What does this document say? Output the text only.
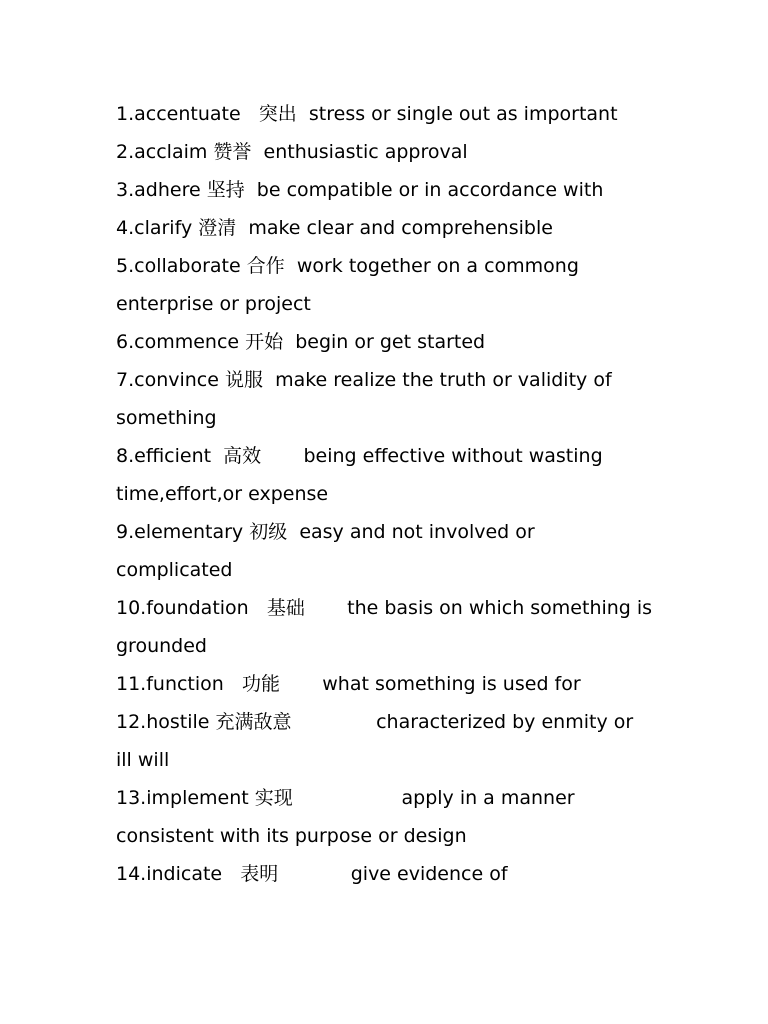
1.accentuate   突出  stress or single out as important
2.acclaim 赞誉  enthusiastic approval
3.adhere 坚持  be compatible or in accordance with
4.clarify 澄清  make clear and comprehensible
5.collaborate 合作  work together on a commong
enterprise or project
6.commence 开始  begin or get started
7.convince 说服  make realize the truth or validity of
something
8.efficient  高效       being effective without wasting
time,effort,or expense
9.elementary 初级  easy and not involved or
complicated
10.foundation   基础       the basis on which something is
grounded
11.function   功能       what something is used for
12.hostile 充满敌意              characterized by enmity or
ill will
13.implement 实现                  apply in a manner
consistent with its purpose or design
14.indicate   表明            give evidence of
